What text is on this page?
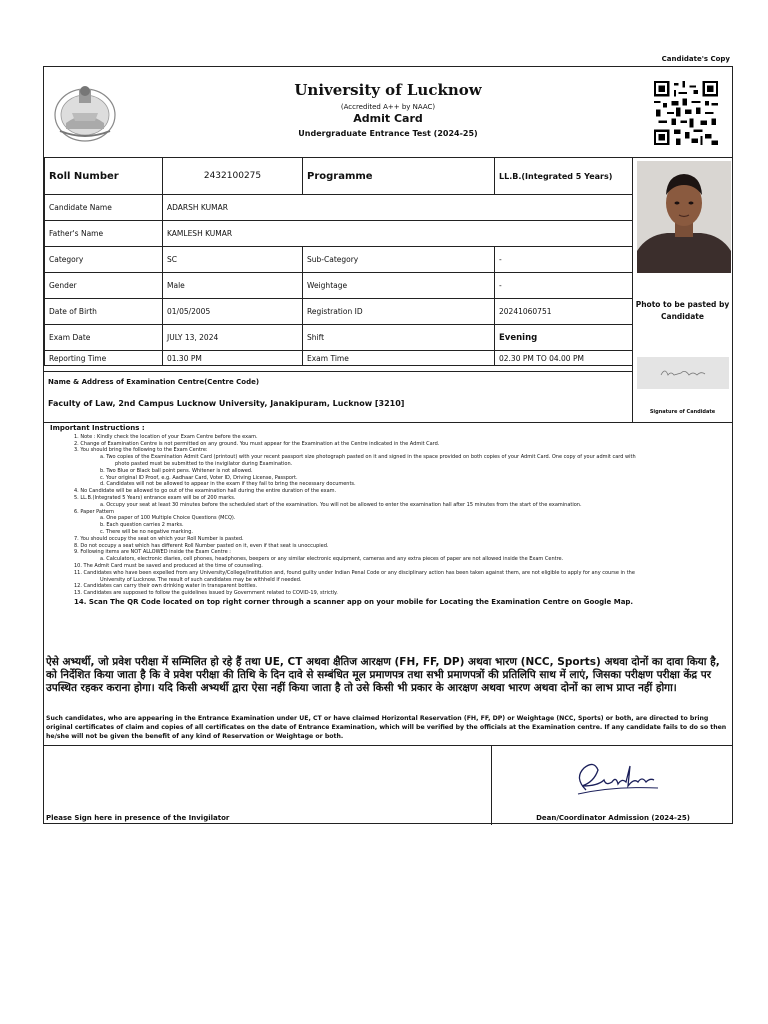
Candidate's Copy
University of Lucknow
(Accredited A++ by NAAC)
Admit Card
Undergraduate Entrance Test (2024-25)
Roll Number	2432100275	Programme	LL.B.(Integrated 5 Years)
Candidate Name	ADARSH KUMAR		
Father's Name	KAMLESH KUMAR		
Category	SC	Sub-Category	-
Gender	Male	Weightage	-
Date of Birth	01/05/2005	Registration ID	20241060751
Exam Date	JULY 13, 2024	Shift	Evening
Reporting Time	01.30 PM	Exam Time	02.30 PM TO 04.00 PM
Photo to be pasted by Candidate
Signature of Candidate
Name & Address of Examination Centre(Centre Code)
Faculty of Law, 2nd Campus Lucknow University, Janakipuram, Lucknow [3210]
Important Instructions :
1. Note : Kindly check the location of your Exam Centre before the exam.
2. Change of Examination Centre is not permitted on any ground. You must appear for the Examination at the Centre indicated in the Admit Card.
3. You should bring the following to the Exam Centre:
a. Two copies of the Examination Admit Card (printout) with your recent passport size photograph pasted on it and signed in the space provided on both copies of your Admit Card. One copy of your admit card with
photo pasted must be submitted to the invigilator during Examination.
b. Two Blue or Black ball point pens. Whitener is not allowed.
c. Your original ID Proof, e.g. Aadhaar Card, Voter ID, Driving License, Passport.
d. Candidates will not be allowed to appear in the exam if they fail to bring the necessary documents.
4. No Candidate will be allowed to go out of the examination hall during the entire duration of the exam.
5. LL.B.(Integrated 5 Years) entrance exam will be of 200 marks.
a. Occupy your seat at least 30 minutes before the scheduled start of the examination. You will not be allowed to enter the examination hall after 15 minutes from the start of the examination.
6. Paper Pattern
a. One paper of 100 Multiple Choice Questions (MCQ).
b. Each question carries 2 marks.
c. There will be no negative marking.
7. You should occupy the seat on which your Roll Number is pasted.
8. Do not occupy a seat which has different Roll Number pasted on it, even if that seat is unoccupied.
9. Following items are NOT ALLOWED inside the Exam Centre :
a. Calculators, electronic diaries, cell phones, headphones, beepers or any similar electronic equipment, cameras and any extra pieces of paper are not allowed inside the Exam Centre.
10. The Admit Card must be saved and produced at the time of counseling.
11. Candidates who have been expelled from any University/College/Institution and, found guilty under Indian Penal Code or any disciplinary action has been taken against them, are not eligible to apply for any course in the
University of Lucknow. The result of such candidates may be withheld if needed.
12. Candidates can carry their own drinking water in transparent bottles.
13. Candidates are supposed to follow the guidelines issued by Government related to COVID-19, strictly.
14. Scan The QR Code located on top right corner through a scanner app on your mobile for Locating the Examination Centre on Google Map.
ऐसे अभ्यर्थी, जो प्रवेश परीक्षा में सम्मिलित हो रहे हैं तथा UE, CT अथवा क्षैतिज आरक्षण (FH, FF, DP) अथवा भारण (NCC, Sports) अथवा दोनों का दावा किया है, को निर्देशित किया जाता है कि वे प्रवेश परीक्षा की तिथि के दिन दावे से सम्बंधित मूल प्रमाणपत्र तथा सभी प्रमाणपत्रों की प्रतिलिपि साथ में लाएं, जिसका परीक्षण परीक्षा केंद्र पर उपस्थित रहकर कराना होगा। यदि किसी अभ्यर्थी द्वारा ऐसा नहीं किया जाता है तो उसे किसी भी प्रकार के आरक्षण अथवा भारण अथवा दोनों का लाभ प्राप्त नहीं होगा।
Such candidates, who are appearing in the Entrance Examination under UE, CT or have claimed Horizontal Reservation (FH, FF, DP) or Weightage (NCC, Sports) or both, are directed to bring original certificates of claim and copies of all certificates on the date of Entrance Examination, which will be verified by the officials at the Examination centre. If any candidate fails to do so then he/she will not be given the benefit of any kind of Reservation or Weightage or both.
Please Sign here in presence of the Invigilator	Dean/Coordinator Admission (2024-25)
